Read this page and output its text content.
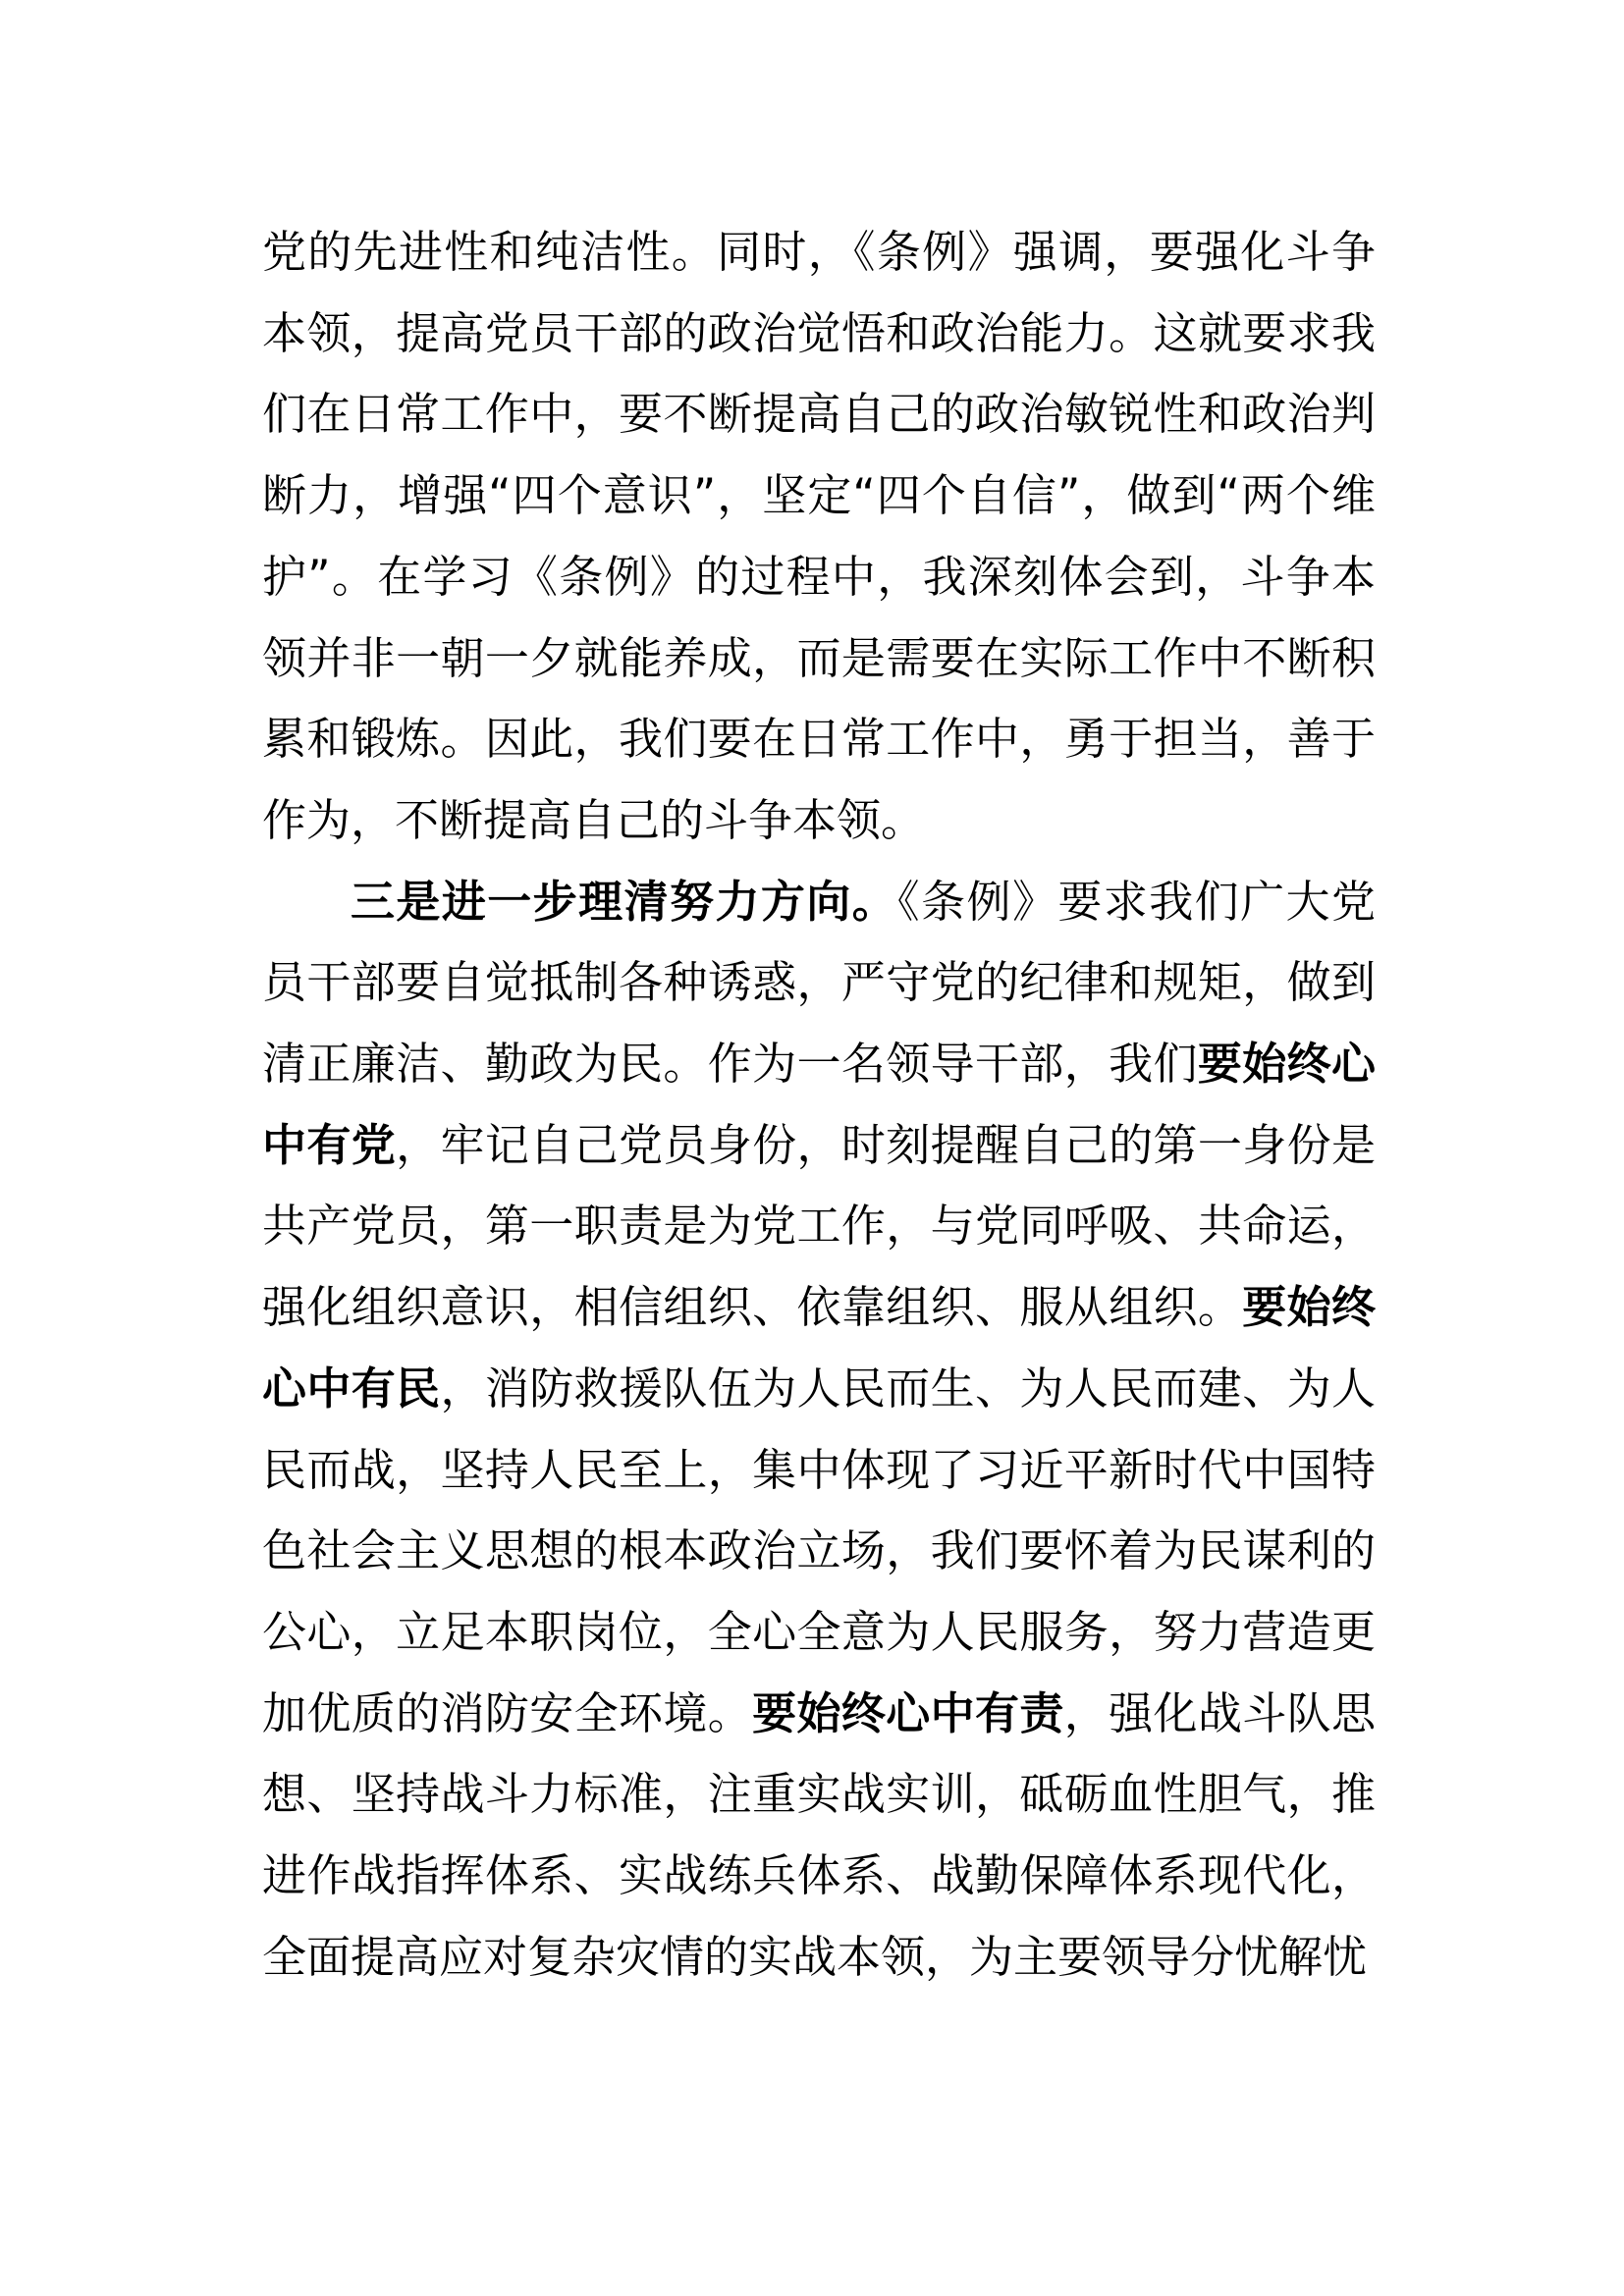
党的先进性和纯洁性。同时，《条例》强调，要强化斗争本领，提高党员干部的政治觉悟和政治能力。这就要求我们在日常工作中，要不断提高自己的政治敏锐性和政治判断力，增强“四个意识”，坚定“四个自信”，做到“两个维护”。在学习《条例》的过程中，我深刻体会到，斗争本领并非一朝一夕就能养成，而是需要在实际工作中不断积累和锻炼。因此，我们要在日常工作中，勇于担当，善于作为，不断提高自己的斗争本领。

三是进一步理清努力方向。《条例》要求我们广大党员干部要自觉抵制各种诱惑，严守党的纪律和规矩，做到清正廉洁、勤政为民。作为一名领导干部，我们要始终心中有党，牢记自己党员身份，时刻提醒自己的第一身份是共产党员，第一职责是为党工作，与党同呼吸、共命运，强化组织意识，相信组织、依靠组织、服从组织。要始终心中有民，消防救援队伍为人民而生、为人民而建、为人民而战，坚持人民至上，集中体现了习近平新时代中国特色社会主义思想的根本政治立场，我们要怀着为民谋利的公心，立足本职岗位，全心全意为人民服务，努力营造更加优质的消防安全环境。要始终心中有责，强化战斗队思想、坚持战斗力标准，注重实战实训，砥砺血性胆气，推进作战指挥体系、实战练兵体系、战勤保障体系现代化，全面提高应对复杂灾情的实战本领，为主要领导分忧解忧
